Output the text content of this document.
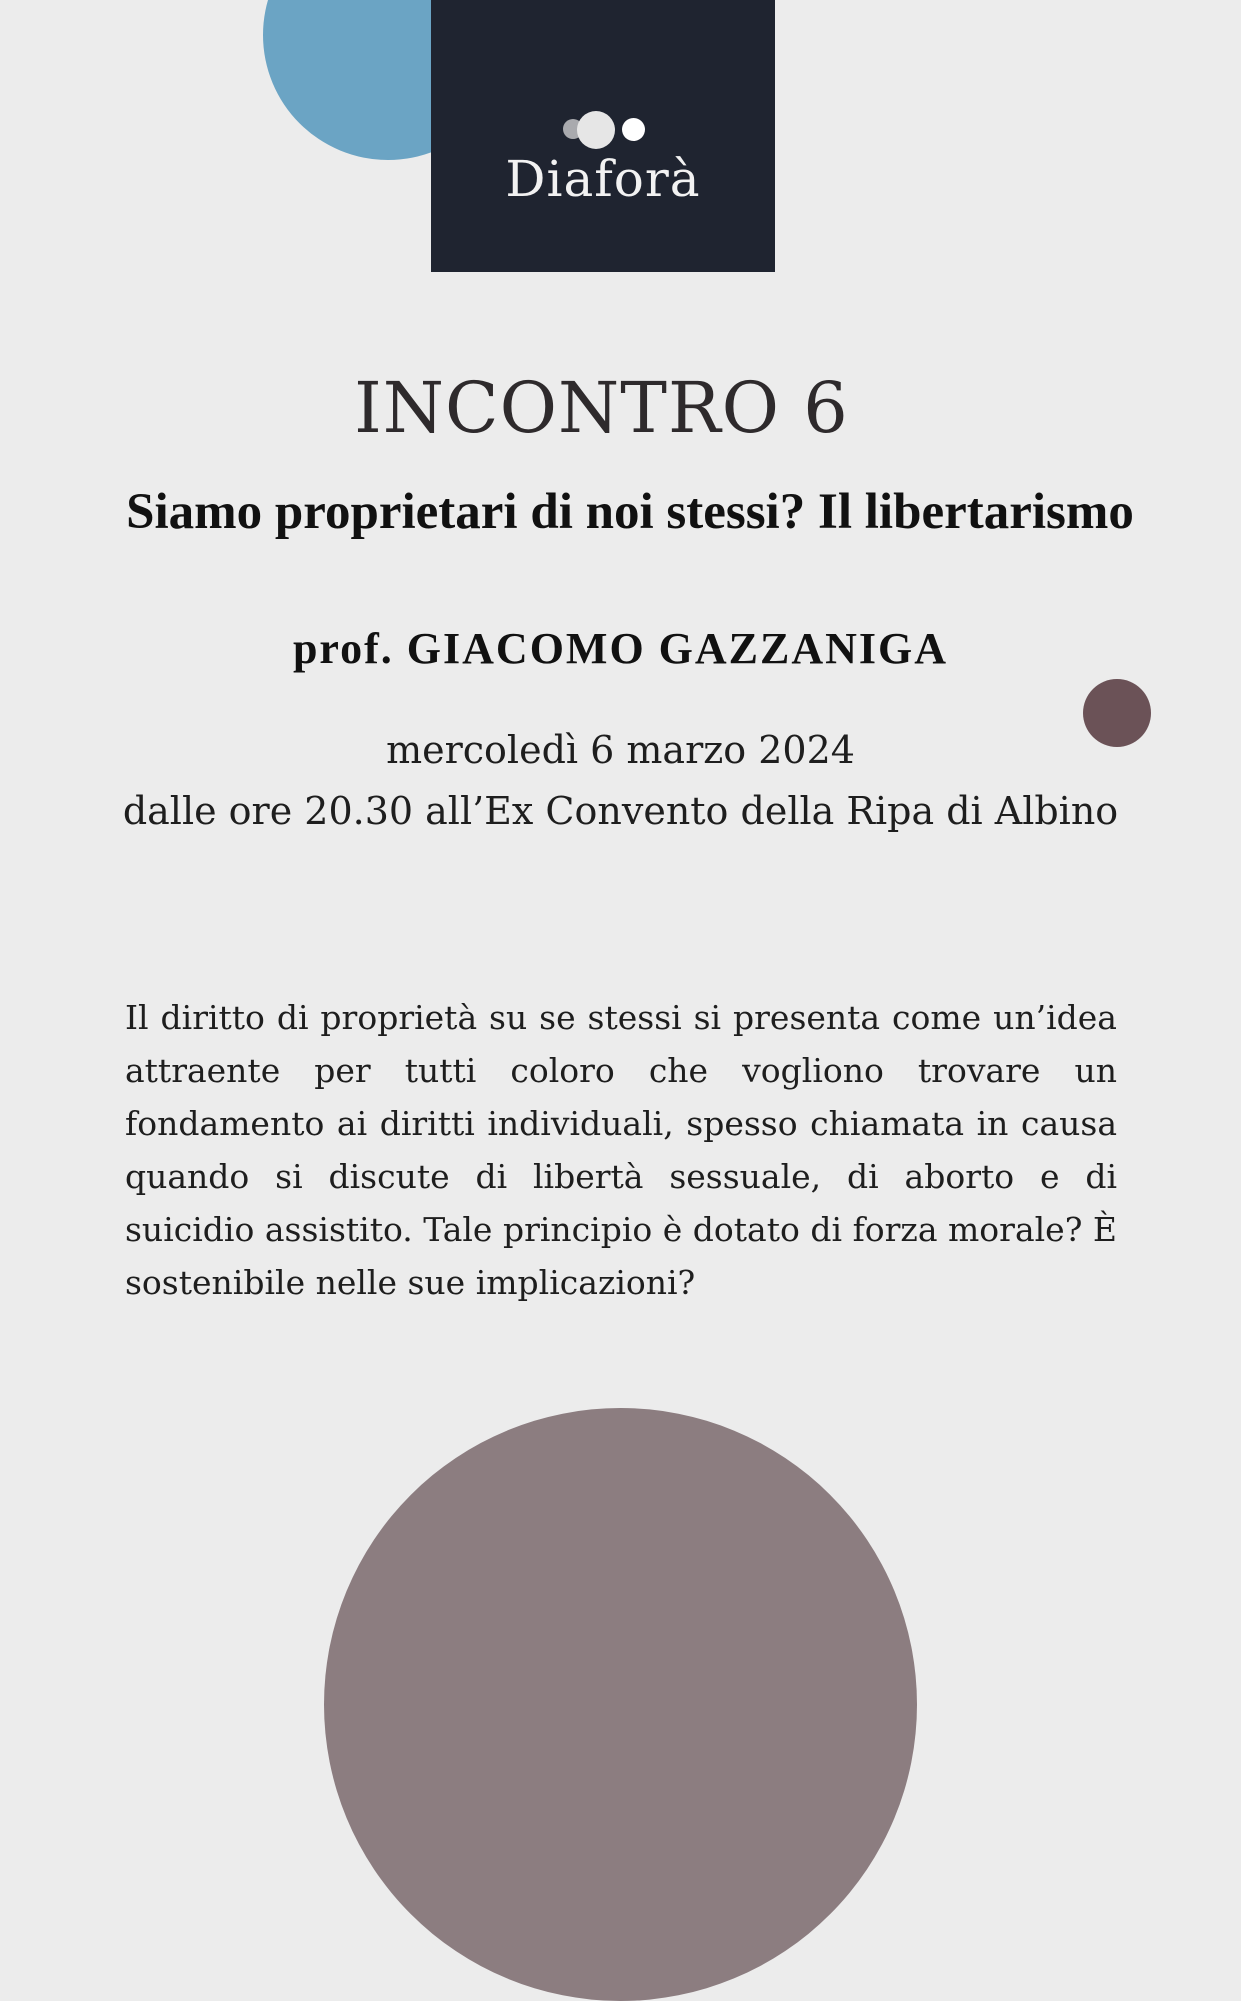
Diaforà
INCONTRO 6
Siamo proprietari di noi stessi? Il libertarismo
prof. GIACOMO GAZZANIGA
mercoledì 6 marzo 2024
dalle ore 20.30 all’Ex Convento della Ripa di Albino

Il diritto di proprietà su se stessi si presenta come un’idea attraente per tutti coloro che vogliono trovare un fondamento ai diritti individuali, spesso chiamata in causa quando si discute di libertà sessuale, di aborto e di suicidio assistito. Tale principio è dotato di forza morale? È sostenibile nelle sue implicazioni?
